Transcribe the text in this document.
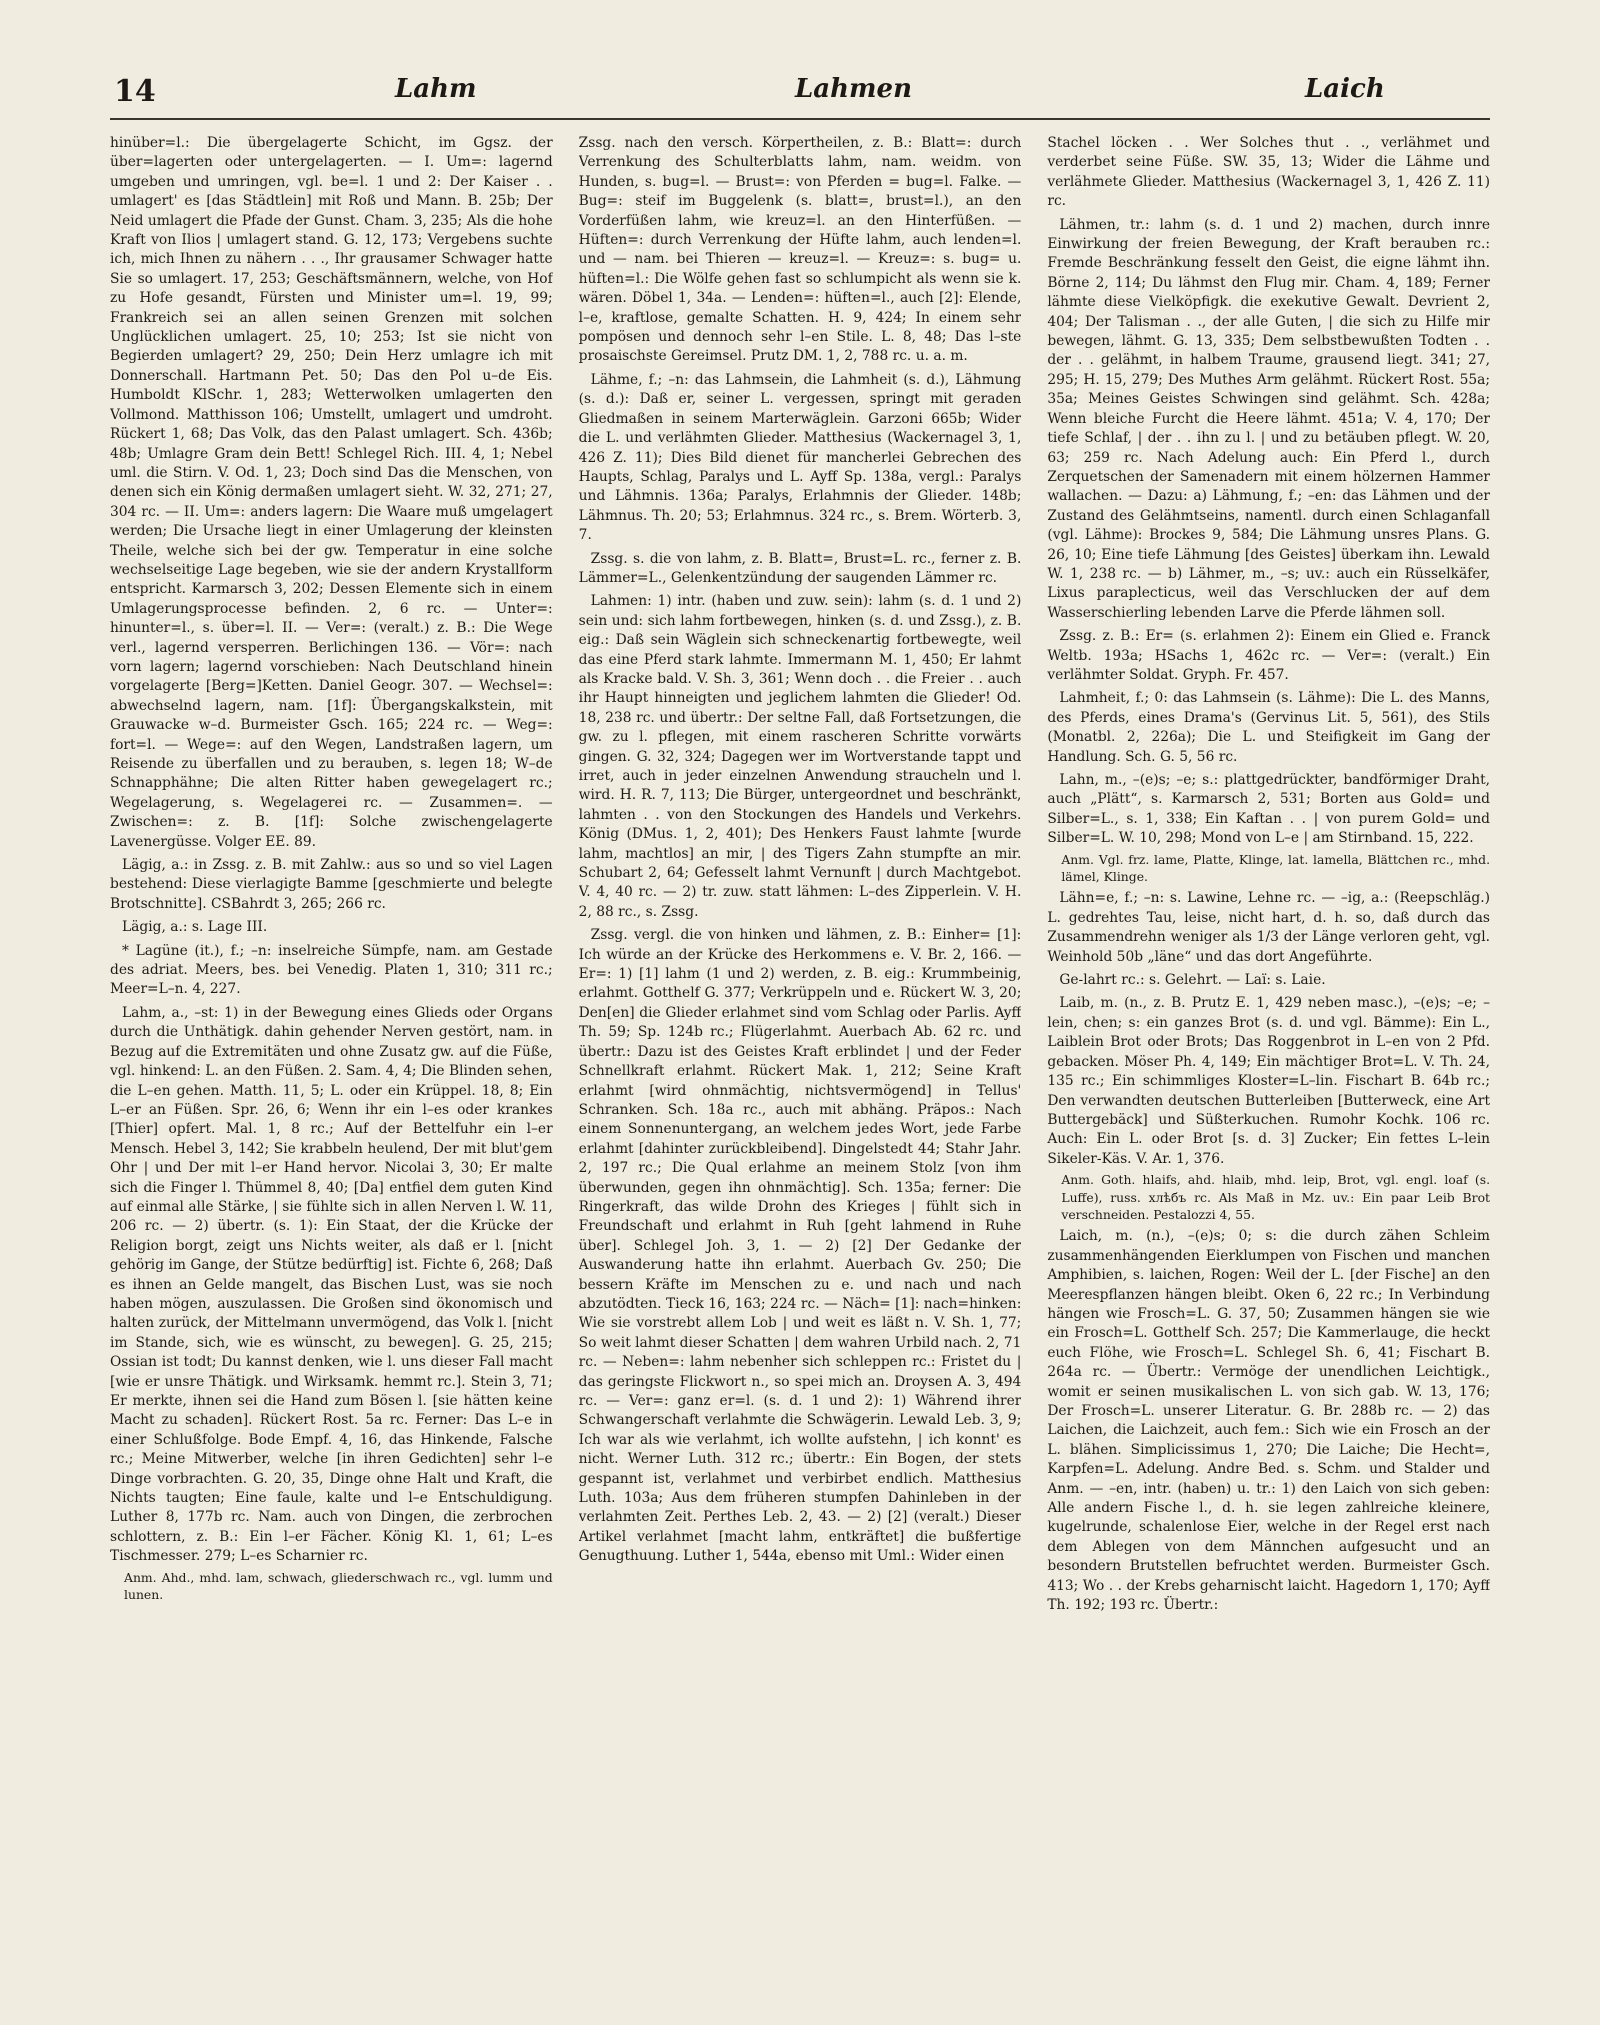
14	Lahm	Lahmen	Laich

hinüber=l.: Die übergelagerte Schicht, im Ggsz. der über=lagerten oder untergelagerten. — I. Um=: lagernd umgeben und umringen, vgl. be=l. 1 und 2: Der Kaiser . . umlagert' es [das Städtlein] mit Roß und Mann. B. 25b; Der Neid umlagert die Pfade der Gunst. Cham. 3, 235; Als die hohe Kraft von Ilios | umlagert stand. G. 12, 173; Vergebens suchte ich, mich Ihnen zu nähern . . ., Ihr grausamer Schwager hatte Sie so umlagert. 17, 253; Geschäftsmännern, welche, von Hof zu Hofe gesandt, Fürsten und Minister um=l. 19, 99; Frankreich sei an allen seinen Grenzen mit solchen Unglücklichen umlagert. 25, 10; 253; Ist sie nicht von Begierden umlagert? 29, 250; Dein Herz umlagre ich mit Donnerschall. Hartmann Pet. 50; Das den Pol u–de Eis. Humboldt KlSchr. 1, 283; Wetterwolken umlagerten den Vollmond. Matthisson 106; Umstellt, umlagert und umdroht. Rückert 1, 68; Das Volk, das den Palast umlagert. Sch. 436b; 48b; Umlagre Gram dein Bett! Schlegel Rich. III. 4, 1; Nebel uml. die Stirn. V. Od. 1, 23; Doch sind Das die Menschen, von denen sich ein König dermaßen umlagert sieht. W. 32, 271; 27, 304 rc. — II. Um=: anders lagern: Die Waare muß umgelagert werden; Die Ursache liegt in einer Umlagerung der kleinsten Theile, welche sich bei der gw. Temperatur in eine solche wechselseitige Lage begeben, wie sie der andern Krystallform entspricht. Karmarsch 3, 202; Dessen Elemente sich in einem Umlagerungsprocesse befinden. 2, 6 rc. — Unter=: hinunter=l., s. über=l. II. — Ver=: (veralt.) z. B.: Die Wege verl., lagernd versperren. Berlichingen 136. — Vör=: nach vorn lagern; lagernd vorschieben: Nach Deutschland hinein vorgelagerte [Berg=]Ketten. Daniel Geogr. 307. — Wechsel=: abwechselnd lagern, nam. [1f]: Übergangskalkstein, mit Grauwacke w–d. Burmeister Gsch. 165; 224 rc. — Weg=: fort=l. — Wege=: auf den Wegen, Landstraßen lagern, um Reisende zu überfallen und zu berauben, s. legen 18; W–de Schnapphähne; Die alten Ritter haben gewegelagert rc.; Wegelagerung, s. Wegelagerei rc. — Zusammen=. — Zwischen=: z. B. [1f]: Solche zwischengelagerte Lavenergüsse. Volger EE. 89.

Lägig, a.: in Zssg. z. B. mit Zahlw.: aus so und so viel Lagen bestehend: Diese vierlagigte Bamme [geschmierte und belegte Brotschnitte]. CSBahrdt 3, 265; 266 rc.

Lägig, a.: s. Lage III.

* Lagüne (it.), f.; –n: inselreiche Sümpfe, nam. am Gestade des adriat. Meers, bes. bei Venedig. Platen 1, 310; 311 rc.; Meer=L–n. 4, 227.

Lahm, a., –st: 1) in der Bewegung eines Glieds oder Organs durch die Unthätigk. dahin gehender Nerven gestört, nam. in Bezug auf die Extremitäten und ohne Zusatz gw. auf die Füße, vgl. hinkend: L. an den Füßen. 2. Sam. 4, 4; Die Blinden sehen, die L–en gehen. Matth. 11, 5; L. oder ein Krüppel. 18, 8; Ein L–er an Füßen. Spr. 26, 6; Wenn ihr ein l–es oder krankes [Thier] opfert. Mal. 1, 8 rc.; Auf der Bettelfuhr ein l–er Mensch. Hebel 3, 142; Sie krabbeln heulend, Der mit blut'gem Ohr | und Der mit l–er Hand hervor. Nicolai 3, 30; Er malte sich die Finger l. Thümmel 8, 40; [Da] entfiel dem guten Kind auf einmal alle Stärke, | sie fühlte sich in allen Nerven l. W. 11, 206 rc. — 2) übertr. (s. 1): Ein Staat, der die Krücke der Religion borgt, zeigt uns Nichts weiter, als daß er l. [nicht gehörig im Gange, der Stütze bedürftig] ist. Fichte 6, 268; Daß es ihnen an Gelde mangelt, das Bischen Lust, was sie noch haben mögen, auszulassen. Die Großen sind ökonomisch und halten zurück, der Mittelmann unvermögend, das Volk l. [nicht im Stande, sich, wie es wünscht, zu bewegen]. G. 25, 215; Ossian ist todt; Du kannst denken, wie l. uns dieser Fall macht [wie er unsre Thätigk. und Wirksamk. hemmt rc.]. Stein 3, 71; Er merkte, ihnen sei die Hand zum Bösen l. [sie hätten keine Macht zu schaden]. Rückert Rost. 5a rc. Ferner: Das L–e in einer Schlußfolge. Bode Empf. 4, 16, das Hinkende, Falsche rc.; Meine Mitwerber, welche [in ihren Gedichten] sehr l–e Dinge vorbrachten. G. 20, 35, Dinge ohne Halt und Kraft, die Nichts taugten; Eine faule, kalte und l–e Entschuldigung. Luther 8, 177b rc. Nam. auch von Dingen, die zerbrochen schlottern, z. B.: Ein l–er Fächer. König Kl. 1, 61; L–es Tischmesser. 279; L–es Scharnier rc.

Anm. Ahd., mhd. lam, schwach, gliederschwach rc., vgl. lumm und lunen.

Zssg. nach den versch. Körpertheilen, z. B.: Blatt=: durch Verrenkung des Schulterblatts lahm, nam. weidm. von Hunden, s. bug=l. — Brust=: von Pferden = bug=l. Falke. — Bug=: steif im Buggelenk (s. blatt=, brust=l.), an den Vorderfüßen lahm, wie kreuz=l. an den Hinterfüßen. — Hüften=: durch Verrenkung der Hüfte lahm, auch lenden=l. und — nam. bei Thieren — kreuz=l. — Kreuz=: s. bug= u. hüften=l.: Die Wölfe gehen fast so schlumpicht als wenn sie k. wären. Döbel 1, 34a. — Lenden=: hüften=l., auch [2]: Elende, l–e, kraftlose, gemalte Schatten. H. 9, 424; In einem sehr pompösen und dennoch sehr l–en Stile. L. 8, 48; Das l–ste prosaischste Gereimsel. Prutz DM. 1, 2, 788 rc. u. a. m.

Lähme, f.; –n: das Lahmsein, die Lahmheit (s. d.), Lähmung (s. d.): Daß er, seiner L. vergessen, springt mit geraden Gliedmaßen in seinem Marterwäglein. Garzoni 665b; Wider die L. und verlähmten Glieder. Matthesius (Wackernagel 3, 1, 426 Z. 11); Dies Bild dienet für mancherlei Gebrechen des Haupts, Schlag, Paralys und L. Ayff Sp. 138a, vergl.: Paralys und Lähmnis. 136a; Paralys, Erlahmnis der Glieder. 148b; Lähmnus. Th. 20; 53; Erlahmnus. 324 rc., s. Brem. Wörterb. 3, 7.

Zssg. s. die von lahm, z. B. Blatt=, Brust=L. rc., ferner z. B. Lämmer=L., Gelenkentzündung der saugenden Lämmer rc.

Lahmen: 1) intr. (haben und zuw. sein): lahm (s. d. 1 und 2) sein und: sich lahm fortbewegen, hinken (s. d. und Zssg.), z. B. eig.: Daß sein Wäglein sich schneckenartig fortbewegte, weil das eine Pferd stark lahmte. Immermann M. 1, 450; Er lahmt als Kracke bald. V. Sh. 3, 361; Wenn doch . . die Freier . . auch ihr Haupt hinneigten und jeglichem lahmten die Glieder! Od. 18, 238 rc. und übertr.: Der seltne Fall, daß Fortsetzungen, die gw. zu l. pflegen, mit einem rascheren Schritte vorwärts gingen. G. 32, 324; Dagegen wer im Wortverstande tappt und irret, auch in jeder einzelnen Anwendung straucheln und l. wird. H. R. 7, 113; Die Bürger, untergeordnet und beschränkt, lahmten . . von den Stockungen des Handels und Verkehrs. König (DMus. 1, 2, 401); Des Henkers Faust lahmte [wurde lahm, machtlos] an mir, | des Tigers Zahn stumpfte an mir. Schubart 2, 64; Gefesselt lahmt Vernunft | durch Machtgebot. V. 4, 40 rc. — 2) tr. zuw. statt lähmen: L–des Zipperlein. V. H. 2, 88 rc., s. Zssg.

Zssg. vergl. die von hinken und lähmen, z. B.: Einher= [1]: Ich würde an der Krücke des Herkommens e. V. Br. 2, 166. — Er=: 1) [1] lahm (1 und 2) werden, z. B. eig.: Krummbeinig, erlahmt. Gotthelf G. 377; Verkrüppeln und e. Rückert W. 3, 20; Den[en] die Glieder erlahmet sind vom Schlag oder Parlis. Ayff Th. 59; Sp. 124b rc.; Flügerlahmt. Auerbach Ab. 62 rc. und übertr.: Dazu ist des Geistes Kraft erblindet | und der Feder Schnellkraft erlahmt. Rückert Mak. 1, 212; Seine Kraft erlahmt [wird ohnmächtig, nichtsvermögend] in Tellus' Schranken. Sch. 18a rc., auch mit abhäng. Präpos.: Nach einem Sonnenuntergang, an welchem jedes Wort, jede Farbe erlahmt [dahinter zurückbleibend]. Dingelstedt 44; Stahr Jahr. 2, 197 rc.; Die Qual erlahme an meinem Stolz [von ihm überwunden, gegen ihn ohnmächtig]. Sch. 135a; ferner: Die Ringerkraft, das wilde Drohn des Krieges | fühlt sich in Freundschaft und erlahmt in Ruh [geht lahmend in Ruhe über]. Schlegel Joh. 3, 1. — 2) [2] Der Gedanke der Auswanderung hatte ihn erlahmt. Auerbach Gv. 250; Die bessern Kräfte im Menschen zu e. und nach und nach abzutödten. Tieck 16, 163; 224 rc. — Näch= [1]: nach=hinken: Wie sie vorstrebt allem Lob | und weit es läßt n. V. Sh. 1, 77; So weit lahmt dieser Schatten | dem wahren Urbild nach. 2, 71 rc. — Neben=: lahm nebenher sich schleppen rc.: Fristet du | das geringste Flickwort n., so spei mich an. Droysen A. 3, 494 rc. — Ver=: ganz er=l. (s. d. 1 und 2): 1) Während ihrer Schwangerschaft verlahmte die Schwägerin. Lewald Leb. 3, 9; Ich war als wie verlahmt, ich wollte aufstehn, | ich konnt' es nicht. Werner Luth. 312 rc.; übertr.: Ein Bogen, der stets gespannt ist, verlahmet und verbirbet endlich. Matthesius Luth. 103a; Aus dem früheren stumpfen Dahinleben in der verlahmten Zeit. Perthes Leb. 2, 43. — 2) [2] (veralt.) Dieser Artikel verlahmet [macht lahm, entkräftet] die bußfertige Genugthuung. Luther 1, 544a, ebenso mit Uml.: Wider einen

Stachel löcken . . Wer Solches thut . ., verlähmet und verderbet seine Füße. SW. 35, 13; Wider die Lähme und verlähmete Glieder. Matthesius (Wackernagel 3, 1, 426 Z. 11) rc.

Lähmen, tr.: lahm (s. d. 1 und 2) machen, durch innre Einwirkung der freien Bewegung, der Kraft berauben rc.: Fremde Beschränkung fesselt den Geist, die eigne lähmt ihn. Börne 2, 114; Du lähmst den Flug mir. Cham. 4, 189; Ferner lähmte diese Vielköpfigk. die exekutive Gewalt. Devrient 2, 404; Der Talisman . ., der alle Guten, | die sich zu Hilfe mir bewegen, lähmt. G. 13, 335; Dem selbstbewußten Todten . . der . . gelähmt, in halbem Traume, grausend liegt. 341; 27, 295; H. 15, 279; Des Muthes Arm gelähmt. Rückert Rost. 55a; 35a; Meines Geistes Schwingen sind gelähmt. Sch. 428a; Wenn bleiche Furcht die Heere lähmt. 451a; V. 4, 170; Der tiefe Schlaf, | der . . ihn zu l. | und zu betäuben pflegt. W. 20, 63; 259 rc. Nach Adelung auch: Ein Pferd l., durch Zerquetschen der Samenadern mit einem hölzernen Hammer wallachen. — Dazu: a) Lähmung, f.; –en: das Lähmen und der Zustand des Gelähmtseins, namentl. durch einen Schlaganfall (vgl. Lähme): Brockes 9, 584; Die Lähmung unsres Plans. G. 26, 10; Eine tiefe Lähmung [des Geistes] überkam ihn. Lewald W. 1, 238 rc. — b) Lähmer, m., –s; uv.: auch ein Rüsselkäfer, Lixus paraplecticus, weil das Verschlucken der auf dem Wasserschierling lebenden Larve die Pferde lähmen soll.

Zssg. z. B.: Er= (s. erlahmen 2): Einem ein Glied e. Franck Weltb. 193a; HSachs 1, 462c rc. — Ver=: (veralt.) Ein verlähmter Soldat. Gryph. Fr. 457.

Lahmheit, f.; 0: das Lahmsein (s. Lähme): Die L. des Manns, des Pferds, eines Drama's (Gervinus Lit. 5, 561), des Stils (Monatbl. 2, 226a); Die L. und Steifigkeit im Gang der Handlung. Sch. G. 5, 56 rc.

Lahn, m., –(e)s; –e; s.: plattgedrückter, bandförmiger Draht, auch „Plätt“, s. Karmarsch 2, 531; Borten aus Gold= und Silber=L., s. 1, 338; Ein Kaftan . . | von purem Gold= und Silber=L. W. 10, 298; Mond von L–e | am Stirnband. 15, 222.

Anm. Vgl. frz. lame, Platte, Klinge, lat. lamella, Blättchen rc., mhd. lämel, Klinge.

Lähn=e, f.; –n: s. Lawine, Lehne rc. — –ig, a.: (Reepschläg.) L. gedrehtes Tau, leise, nicht hart, d. h. so, daß durch das Zusammendrehn weniger als 1/3 der Länge verloren geht, vgl. Weinhold 50b „läne“ und das dort Angeführte.

Ge-lahrt rc.: s. Gelehrt. — Laï: s. Laie.

Laib, m. (n., z. B. Prutz E. 1, 429 neben masc.), –(e)s; –e; –lein, chen; s: ein ganzes Brot (s. d. und vgl. Bämme): Ein L., Laiblein Brot oder Brots; Das Roggenbrot in L–en von 2 Pfd. gebacken. Möser Ph. 4, 149; Ein mächtiger Brot=L. V. Th. 24, 135 rc.; Ein schimmliges Kloster=L–lin. Fischart B. 64b rc.; Den verwandten deutschen Butterleiben [Butterweck, eine Art Buttergebäck] und Süßterkuchen. Rumohr Kochk. 106 rc. Auch: Ein L. oder Brot [s. d. 3] Zucker; Ein fettes L–lein Sikeler-Käs. V. Ar. 1, 376.

Anm. Goth. hlaifs, ahd. hlaib, mhd. leip, Brot, vgl. engl. loaf (s. Luffe), russ. хлѣбъ rc. Als Maß in Mz. uv.: Ein paar Leib Brot verschneiden. Pestalozzi 4, 55.

Laich, m. (n.), –(e)s; 0; s: die durch zähen Schleim zusammenhängenden Eierklumpen von Fischen und manchen Amphibien, s. laichen, Rogen: Weil der L. [der Fische] an den Meerespflanzen hängen bleibt. Oken 6, 22 rc.; In Verbindung hängen wie Frosch=L. G. 37, 50; Zusammen hängen sie wie ein Frosch=L. Gotthelf Sch. 257; Die Kammerlauge, die heckt euch Flöhe, wie Frosch=L. Schlegel Sh. 6, 41; Fischart B. 264a rc. — Übertr.: Vermöge der unendlichen Leichtigk., womit er seinen musikalischen L. von sich gab. W. 13, 176; Der Frosch=L. unserer Literatur. G. Br. 288b rc. — 2) das Laichen, die Laichzeit, auch fem.: Sich wie ein Frosch an der L. blähen. Simplicissimus 1, 270; Die Laiche; Die Hecht=, Karpfen=L. Adelung. Andre Bed. s. Schm. und Stalder und Anm. — –en, intr. (haben) u. tr.: 1) den Laich von sich geben: Alle andern Fische l., d. h. sie legen zahlreiche kleinere, kugelrunde, schalenlose Eier, welche in der Regel erst nach dem Ablegen von dem Männchen aufgesucht und an besondern Brutstellen befruchtet werden. Burmeister Gsch. 413; Wo . . der Krebs geharnischt laicht. Hagedorn 1, 170; Ayff Th. 192; 193 rc. Übertr.:
